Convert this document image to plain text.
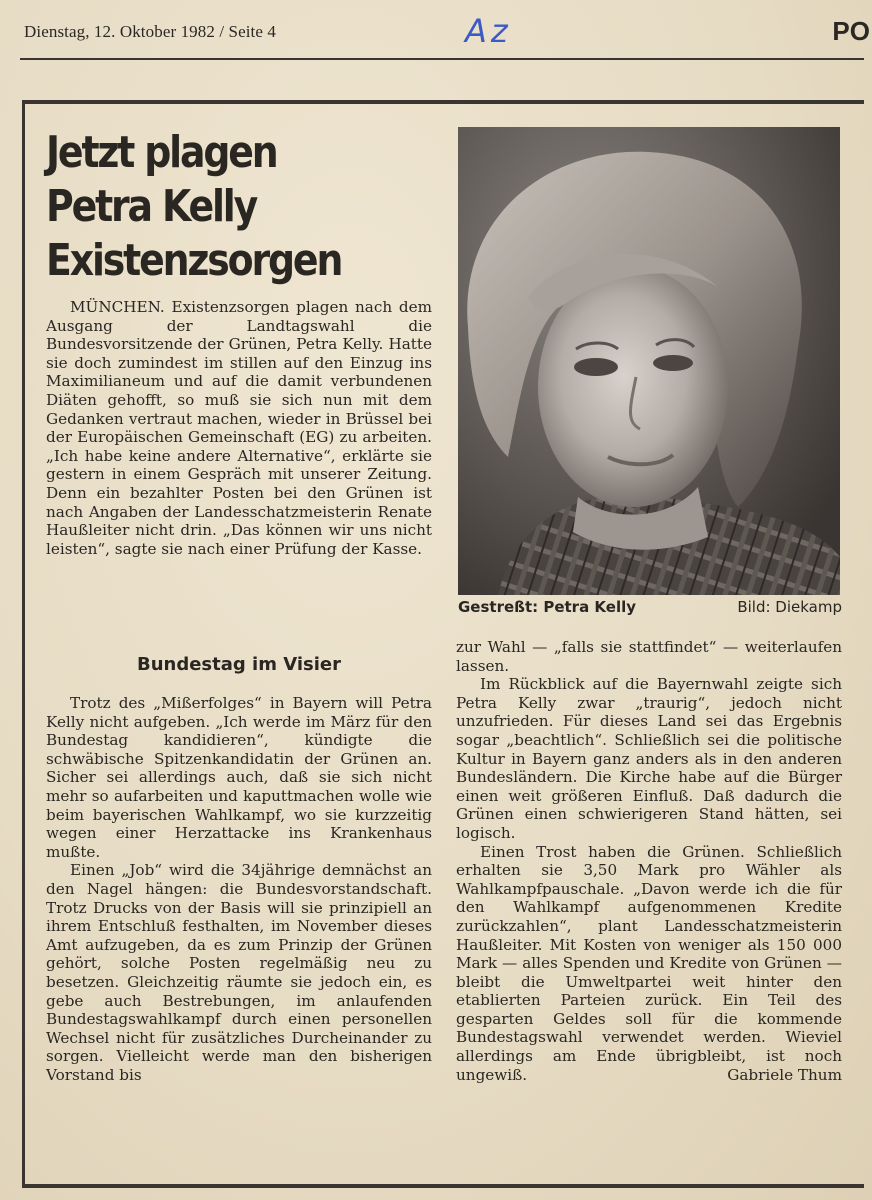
Dienstag, 12. Oktober 1982 / Seite 4	Az	PO
Jetzt plagen
Petra Kelly
Existenzsorgen
Gestreßt: Petra Kelly	Bild: Diekamp

MÜNCHEN. Existenzsorgen plagen nach dem Ausgang der Landtagswahl die Bundesvorsitzende der Grünen, Petra Kelly. Hatte sie doch zumindest im stillen auf den Einzug ins Maximilianeum und auf die damit verbundenen Diäten gehofft, so muß sie sich nun mit dem Gedanken vertraut machen, wieder in Brüssel bei der Europäischen Gemeinschaft (EG) zu arbeiten. „Ich habe keine andere Alternative“, erklärte sie gestern in einem Gespräch mit unserer Zeitung. Denn ein bezahlter Posten bei den Grünen ist nach Angaben der Landesschatzmeisterin Renate Haußleiter nicht drin. „Das können wir uns nicht leisten“, sagte sie nach einer Prüfung der Kasse.

Bundestag im Visier

Trotz des „Mißerfolges“ in Bayern will Petra Kelly nicht aufgeben. „Ich werde im März für den Bundestag kandidieren“, kündigte die schwäbische Spitzenkandidatin der Grünen an. Sicher sei allerdings auch, daß sie sich nicht mehr so aufarbeiten und kaputtmachen wolle wie beim bayerischen Wahlkampf, wo sie kurzzeitig wegen einer Herzattacke ins Krankenhaus mußte.

Einen „Job“ wird die 34jährige demnächst an den Nagel hängen: die Bundesvorstandschaft. Trotz Drucks von der Basis will sie prinzipiell an ihrem Entschluß festhalten, im November dieses Amt aufzugeben, da es zum Prinzip der Grünen gehört, solche Posten regelmäßig neu zu besetzen. Gleichzeitig räumte sie jedoch ein, es gebe auch Bestrebungen, im anlaufenden Bundestagswahlkampf durch einen personellen Wechsel nicht für zusätzliches Durcheinander zu sorgen. Vielleicht werde man den bisherigen Vorstand bis

zur Wahl — „falls sie stattfindet“ — weiterlaufen lassen.

Im Rückblick auf die Bayernwahl zeigte sich Petra Kelly zwar „traurig“, jedoch nicht unzufrieden. Für dieses Land sei das Ergebnis sogar „beachtlich“. Schließlich sei die politische Kultur in Bayern ganz anders als in den anderen Bundesländern. Die Kirche habe auf die Bürger einen weit größeren Einfluß. Daß dadurch die Grünen einen schwierigeren Stand hätten, sei logisch.

Einen Trost haben die Grünen. Schließlich erhalten sie 3,50 Mark pro Wähler als Wahlkampfpauschale. „Davon werde ich die für den Wahlkampf aufgenommenen Kredite zurückzahlen“, plant Landesschatzmeisterin Haußleiter. Mit Kosten von weniger als 150 000 Mark — alles Spenden und Kredite von Grünen — bleibt die Umweltpartei weit hinter den etablierten Parteien zurück. Ein Teil des gesparten Geldes soll für die kommende Bundestagswahl verwendet werden. Wieviel allerdings am Ende übrigbleibt, ist noch ungewiß.	Gabriele Thum
